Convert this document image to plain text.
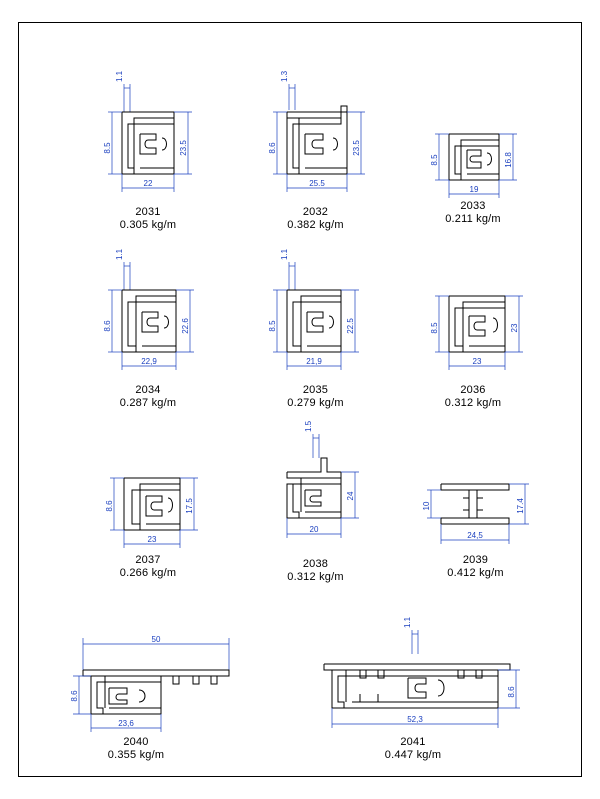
1.1
8.5	23.5
22
2031
0.305 kg/m
1.3
8.6	23.5
25.5
2032
0.382 kg/m
8.5	16.8
19
2033
0.211 kg/m
1.1
8.6	22.6
22,9
2034
0.287 kg/m
1.1
8.5	22.5
21,9
2035
0.279 kg/m
8.5	23
23
2036
0.312 kg/m
8.6	17.5
23
2037
0.266 kg/m
1.5
24
20
2038
0.312 kg/m
10	17.4
24,5
2039
0.412 kg/m
50
8.6
23,6
2040
0.355 kg/m
1.1
8.6
52,3
2041
0.447 kg/m
